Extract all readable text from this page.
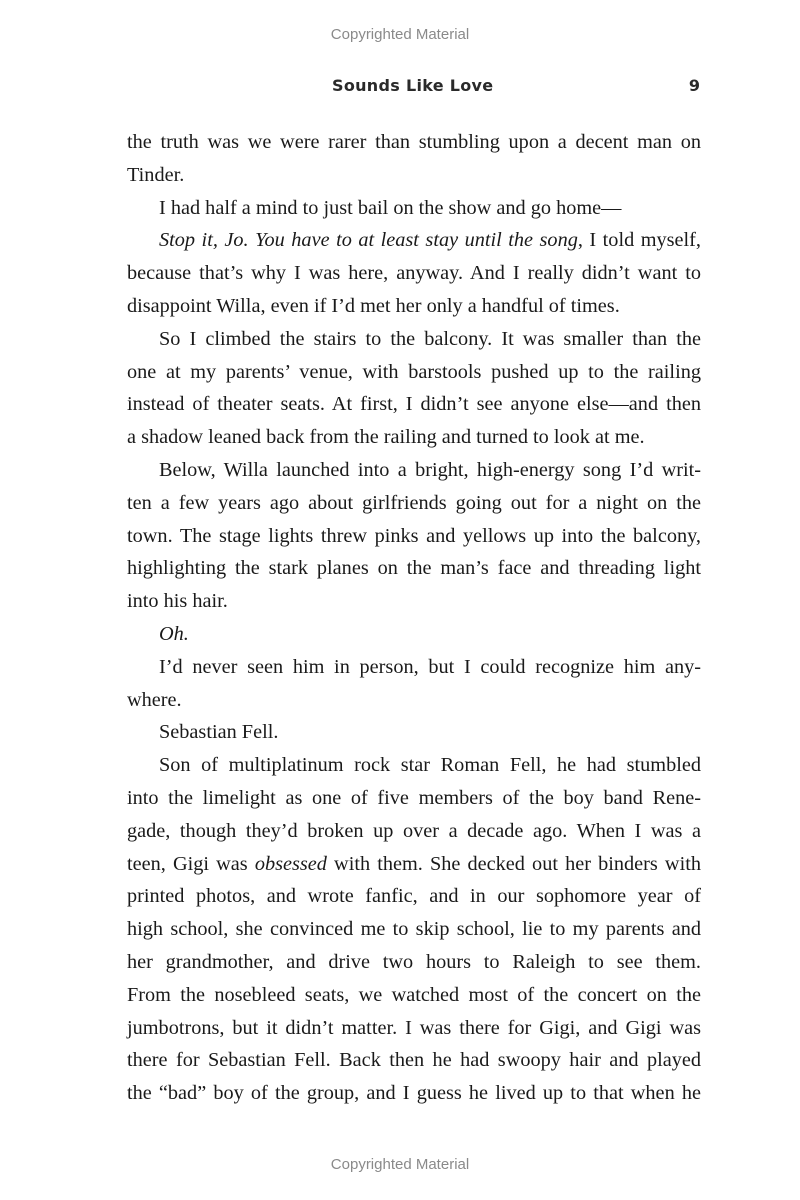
Copyrighted Material
Sounds Like Love	9
the truth was we were rarer than stumbling upon a decent man on
Tinder.
I had half a mind to just bail on the show and go home—
Stop it, Jo. You have to at least stay until the song, I told myself,
because that’s why I was here, anyway. And I really didn’t want to
disappoint Willa, even if I’d met her only a handful of times.
So I climbed the stairs to the balcony. It was smaller than the
one at my parents’ venue, with barstools pushed up to the railing
instead of theater seats. At first, I didn’t see anyone else—and then
a shadow leaned back from the railing and turned to look at me.
Below, Willa launched into a bright, high-energy song I’d writ-
ten a few years ago about girlfriends going out for a night on the
town. The stage lights threw pinks and yellows up into the balcony,
highlighting the stark planes on the man’s face and threading light
into his hair.
Oh.
I’d never seen him in person, but I could recognize him any-
where.
Sebastian Fell.
Son of multiplatinum rock star Roman Fell, he had stumbled
into the limelight as one of five members of the boy band Rene-
gade, though they’d broken up over a decade ago. When I was a
teen, Gigi was obsessed with them. She decked out her binders with
printed photos, and wrote fanfic, and in our sophomore year of
high school, she convinced me to skip school, lie to my parents and
her grandmother, and drive two hours to Raleigh to see them.
From the nosebleed seats, we watched most of the concert on the
jumbotrons, but it didn’t matter. I was there for Gigi, and Gigi was
there for Sebastian Fell. Back then he had swoopy hair and played
the “bad” boy of the group, and I guess he lived up to that when he
Copyrighted Material
